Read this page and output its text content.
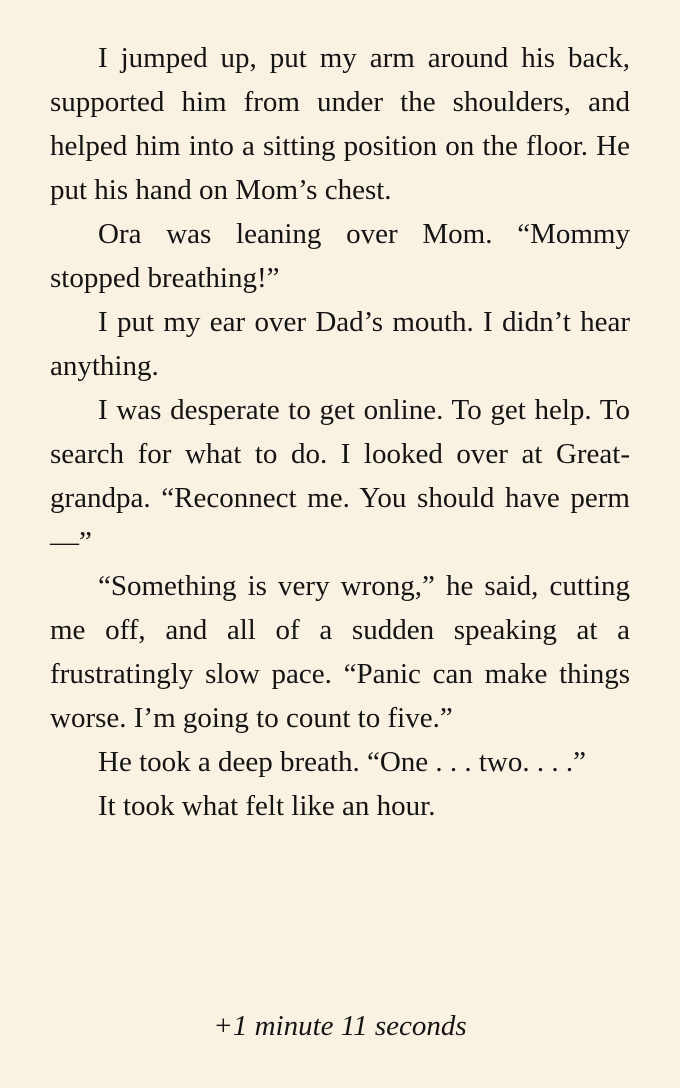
I jumped up, put my arm around his back, supported him from under the shoulders, and helped him into a sitting position on the floor. He put his hand on Mom’s chest.

Ora was leaning over Mom. “Mommy stopped breathing!”

I put my ear over Dad’s mouth. I didn’t hear anything.

I was desperate to get online. To get help. To search for what to do. I looked over at Great-grandpa. “Reconnect me. You should have perm—”

“Something is very wrong,” he said, cutting me off, and all of a sudden speaking at a frustratingly slow pace. “Panic can make things worse. I’m going to count to five.”

He took a deep breath. “One . . . two. . . .”

It took what felt like an hour.

+1 minute 11 seconds
